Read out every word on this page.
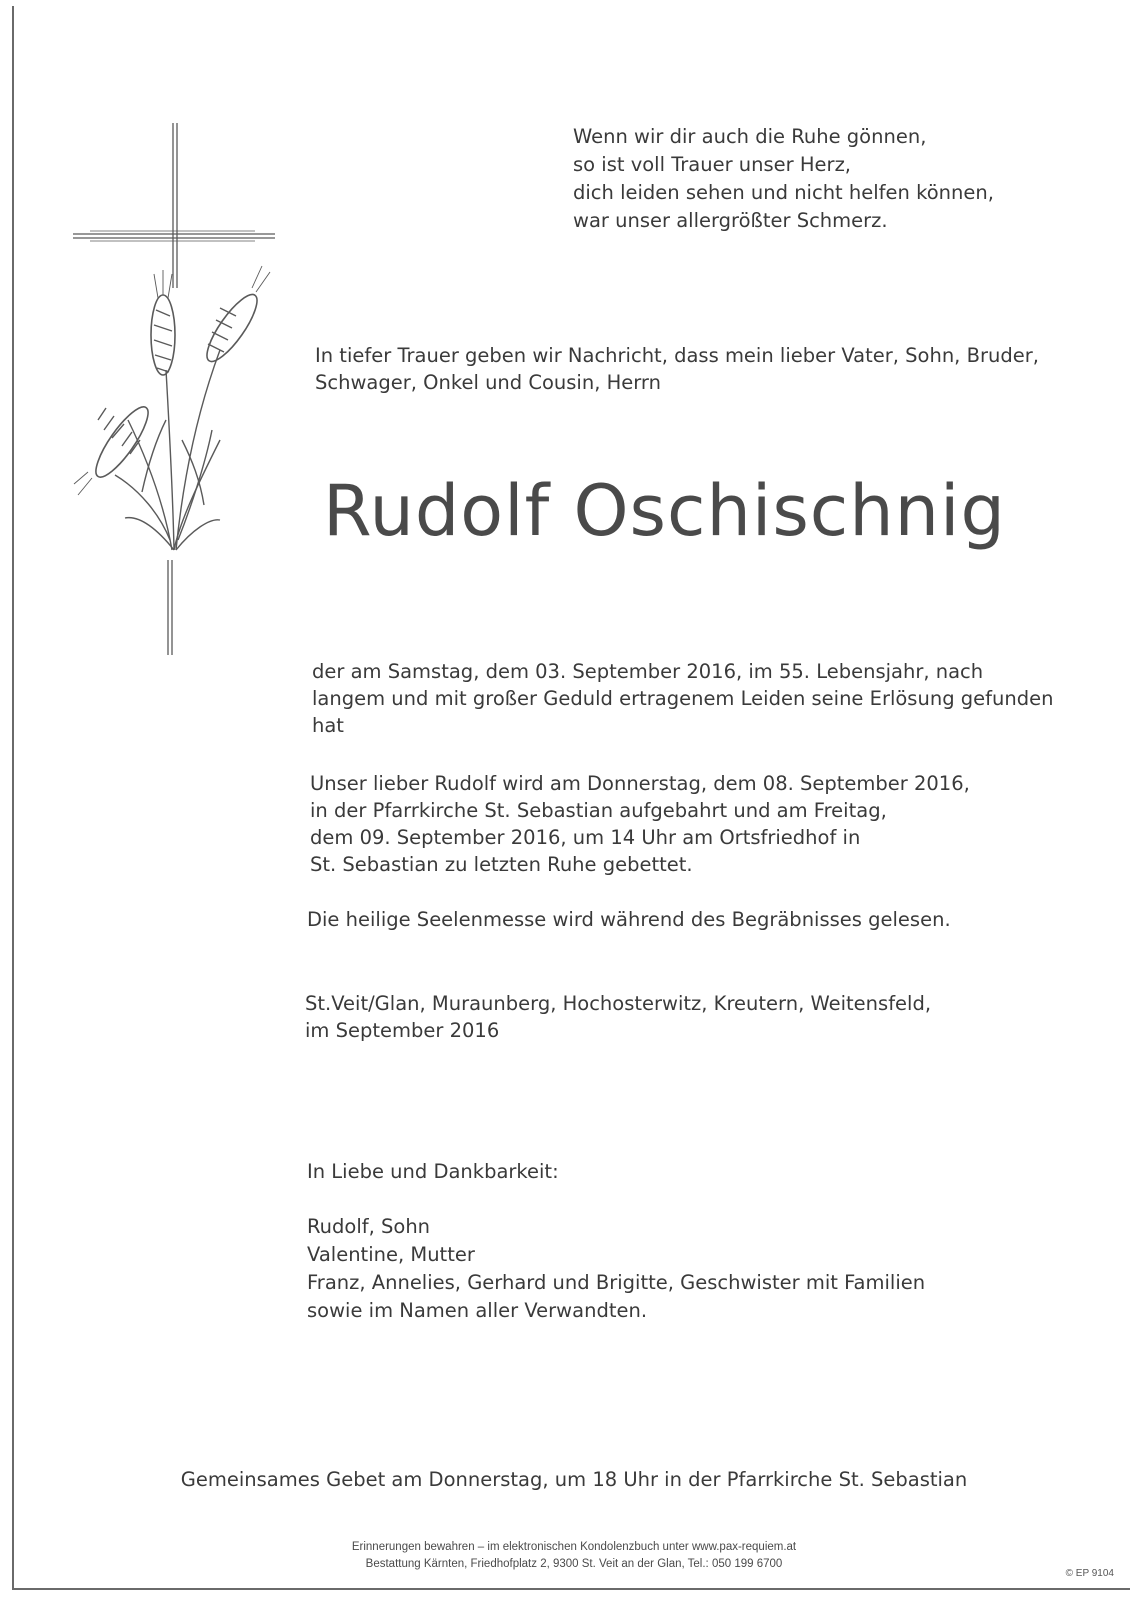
Wenn wir dir auch die Ruhe gönnen,
so ist voll Trauer unser Herz,
dich leiden sehen und nicht helfen können,
war unser allergrößter Schmerz.
In tiefer Trauer geben wir Nachricht, dass mein lieber Vater, Sohn, Bruder,
Schwager, Onkel und Cousin, Herrn
Rudolf Oschischnig
der am Samstag, dem 03. September 2016, im 55. Lebensjahr, nach
langem und mit großer Geduld ertragenem Leiden seine Erlösung gefunden
hat
Unser lieber Rudolf wird am Donnerstag, dem 08. September 2016,
in der Pfarrkirche St. Sebastian aufgebahrt und am Freitag,
dem 09. September 2016, um 14 Uhr am Ortsfriedhof in
St. Sebastian zu letzten Ruhe gebettet.
Die heilige Seelenmesse wird während des Begräbnisses gelesen.
St.Veit/Glan, Muraunberg, Hochosterwitz, Kreutern, Weitensfeld,
im September 2016
In Liebe und Dankbarkeit:
Rudolf, Sohn
Valentine, Mutter
Franz, Annelies, Gerhard und Brigitte, Geschwister mit Familien
sowie im Namen aller Verwandten.
Gemeinsames Gebet am Donnerstag, um 18 Uhr in der Pfarrkirche St. Sebastian
Erinnerungen bewahren – im elektronischen Kondolenzbuch unter www.pax-requiem.at
Bestattung Kärnten, Friedhofplatz 2, 9300 St. Veit an der Glan, Tel.: 050 199 6700
© EP 9104
